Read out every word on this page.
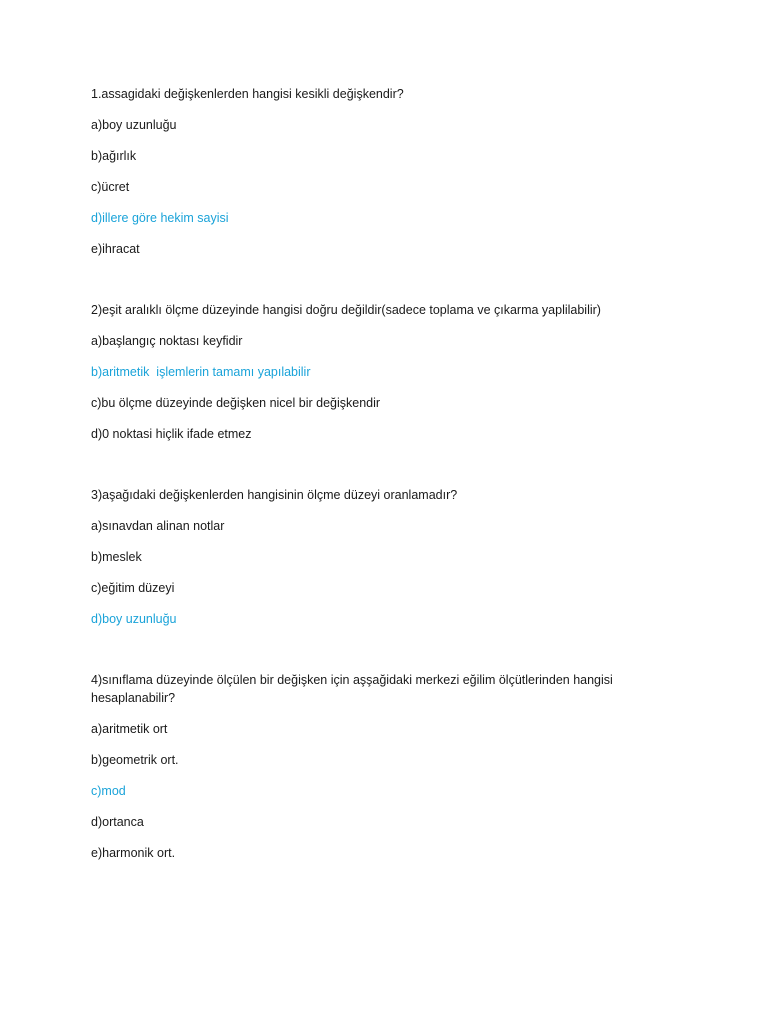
1.assagidaki değişkenlerden hangisi kesikli değişkendir?

a)boy uzunluğu

b)ağırlık

c)ücret

d)illere göre hekim sayisi

e)ihracat

2)eşit aralıklı ölçme düzeyinde hangisi doğru değildir(sadece toplama ve çıkarma yaplilabilir)

a)başlangıç noktası keyfidir

b)aritmetik  işlemlerin tamamı yapılabilir

c)bu ölçme düzeyinde değişken nicel bir değişkendir

d)0 noktasi hiçlik ifade etmez

3)aşağıdaki değişkenlerden hangisinin ölçme düzeyi oranlamadır?

a)sınavdan alinan notlar

b)meslek

c)eğitim düzeyi

d)boy uzunluğu

4)sınıflama düzeyinde ölçülen bir değişken için aşşağidaki merkezi eğilim ölçütlerinden hangisi hesaplanabilir?

a)aritmetik ort

b)geometrik ort.

c)mod

d)ortanca

e)harmonik ort.
